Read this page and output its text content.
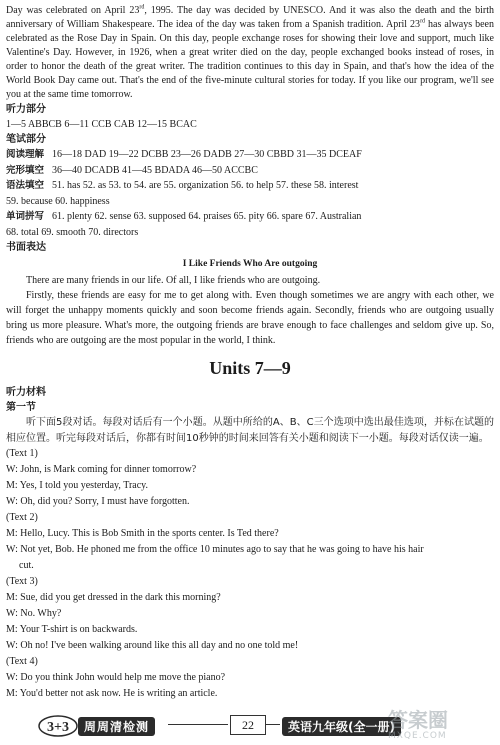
Day was celebrated on April 23rd, 1995. The day was decided by UNESCO. And it was also the death and the birth anniversary of William Shakespeare. The idea of the day was taken from a Spanish tradition. April 23rd has always been celebrated as the Rose Day in Spain. On this day, people exchange roses for showing their love and support, much like Valentine's Day. However, in 1926, when a great writer died on the day, people exchanged books instead of roses, in order to honor the death of the great writer. The tradition continues to this day in Spain, and that's how the idea of the World Book Day came out. That's the end of the five-minute cultural stories for today. If you like our program, we'll see you at the same time tomorrow.

听力部分

1—5 ABBCB 6—11 CCB CAB 12—15 BCAC

笔试部分

阅读理解 16—18 DAD 19—22 DCBB 23—26 DADB 27—30 CBBD 31—35 DCEAF
完形填空 36—40 DCADB 41—45 BDADA 46—50 ACCBC
语法填空 51. has 52. as 53. to 54. are 55. organization 56. to help 57. these 58. interest

59. because 60. happiness

单词拼写 61. plenty 62. sense 63. supposed 64. praises 65. pity 66. spare 67. Australian

68. total 69. smooth 70. directors

书面表达

I Like Friends Who Are outgoing

There are many friends in our life. Of all, I like friends who are outgoing.

Firstly, these friends are easy for me to get along with. Even though sometimes we are angry with each other, we will forget the unhappy moments quickly and soon become friends again. Secondly, friends who are outgoing usually bring us more pleasure. What's more, the outgoing friends are brave enough to face challenges and seldom give up. So, friends who are outgoing are the most popular in the world, I think.

Units 7—9

听力材料

第一节

听下面5段对话。每段对话后有一个小题。从题中所给的A、B、C三个选项中选出最佳选项，并标在试题的相应位置。听完每段对话后，你都有时间10秒钟的时间来回答有关小题和阅读下一小题。每段对话仅读一遍。

(Text 1)

W: John, is Mark coming for dinner tomorrow?

M: Yes, I told you yesterday, Tracy.

W: Oh, did you? Sorry, I must have forgotten.

(Text 2)

M: Hello, Lucy. This is Bob Smith in the sports center. Is Ted there?

W: Not yet, Bob. He phoned me from the office 10 minutes ago to say that he was going to have his hair

cut.

(Text 3)

M: Sue, did you get dressed in the dark this morning?

W: No. Why?

M: Your T-shirt is on backwards.

W: Oh no! I've been walking around like this all day and no one told me!

(Text 4)

W: Do you think John would help me move the piano?

M: You'd better not ask now. He is writing an article.

3+3	周周清检测	22	英语九年级(全一册)
答案圈
MXQE.COM
